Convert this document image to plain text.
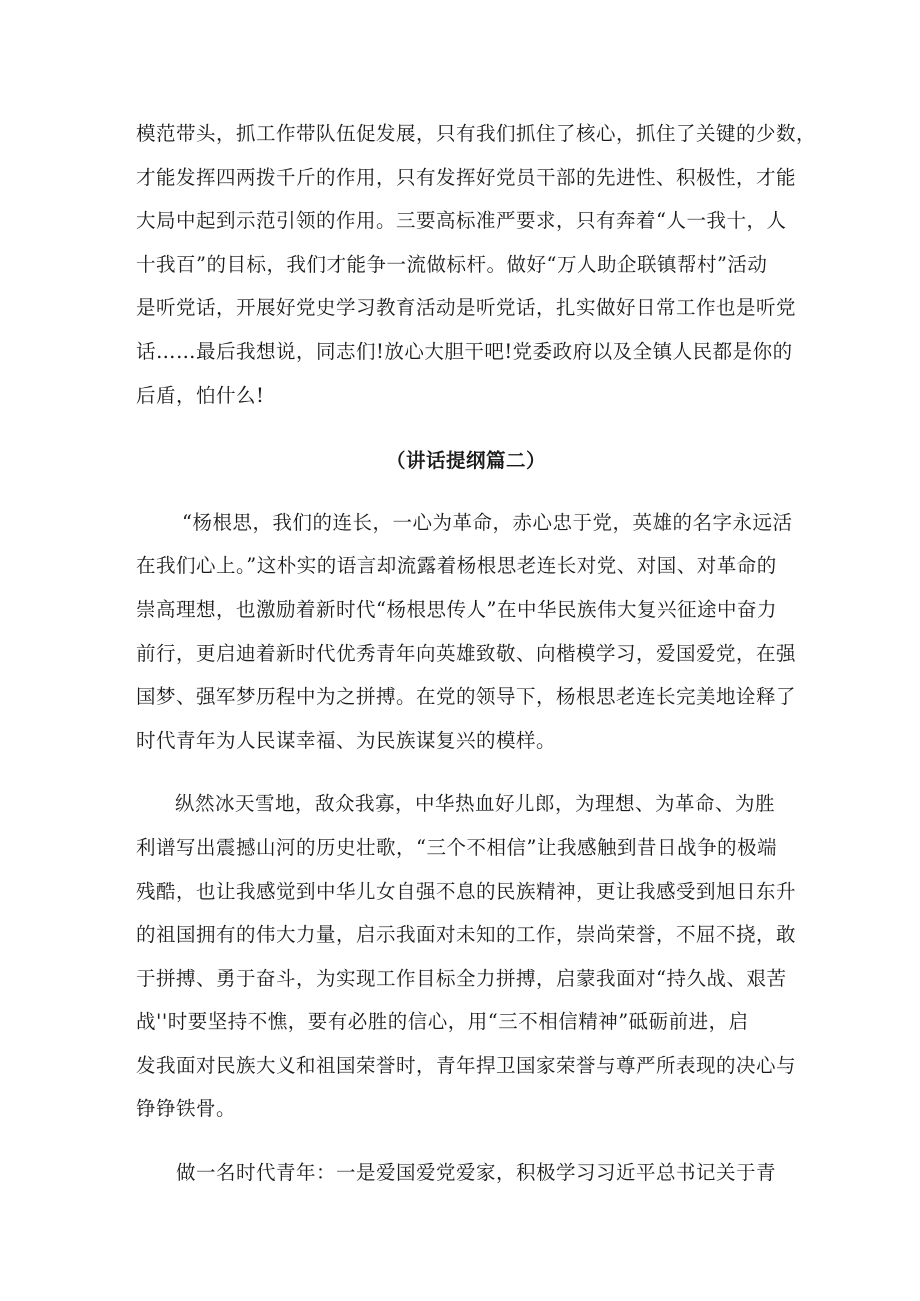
模范带头，抓工作带队伍促发展，只有我们抓住了核心，抓住了关键的少数，
才能发挥四两拨千斤的作用，只有发挥好党员干部的先进性、积极性，才能
大局中起到示范引领的作用。三要高标准严要求，只有奔着“人一我十，人
十我百”的目标，我们才能争一流做标杆。做好“万人助企联镇帮村”活动
是听党话，开展好党史学习教育活动是听党话，扎实做好日常工作也是听党
话……最后我想说，同志们!放心大胆干吧!党委政府以及全镇人民都是你的
后盾，怕什么!

（讲话提纲篇二）

“杨根思，我们的连长，一心为革命，赤心忠于党，英雄的名字永远活
在我们心上。”这朴实的语言却流露着杨根思老连长对党、对国、对革命的
崇高理想，也激励着新时代“杨根思传人”在中华民族伟大复兴征途中奋力
前行，更启迪着新时代优秀青年向英雄致敬、向楷模学习，爱国爱党，在强
国梦、强军梦历程中为之拼搏。在党的领导下，杨根思老连长完美地诠释了
时代青年为人民谋幸福、为民族谋复兴的模样。

纵然冰天雪地，敌众我寡，中华热血好儿郎，为理想、为革命、为胜
利谱写出震撼山河的历史壮歌，“三个不相信”让我感触到昔日战争的极端
残酷，也让我感觉到中华儿女自强不息的民族精神，更让我感受到旭日东升
的祖国拥有的伟大力量，启示我面对未知的工作，崇尚荣誉，不屈不挠，敢
于拼搏、勇于奋斗，为实现工作目标全力拼搏，启蒙我面对“持久战、艰苦
战''时要坚持不憔，要有必胜的信心，用“三不相信精神”砥砺前进，启
发我面对民族大义和祖国荣誉时，青年捍卫国家荣誉与尊严所表现的决心与
铮铮铁骨。

做一名时代青年：一是爱国爱党爱家，积极学习习近平总书记关于青
